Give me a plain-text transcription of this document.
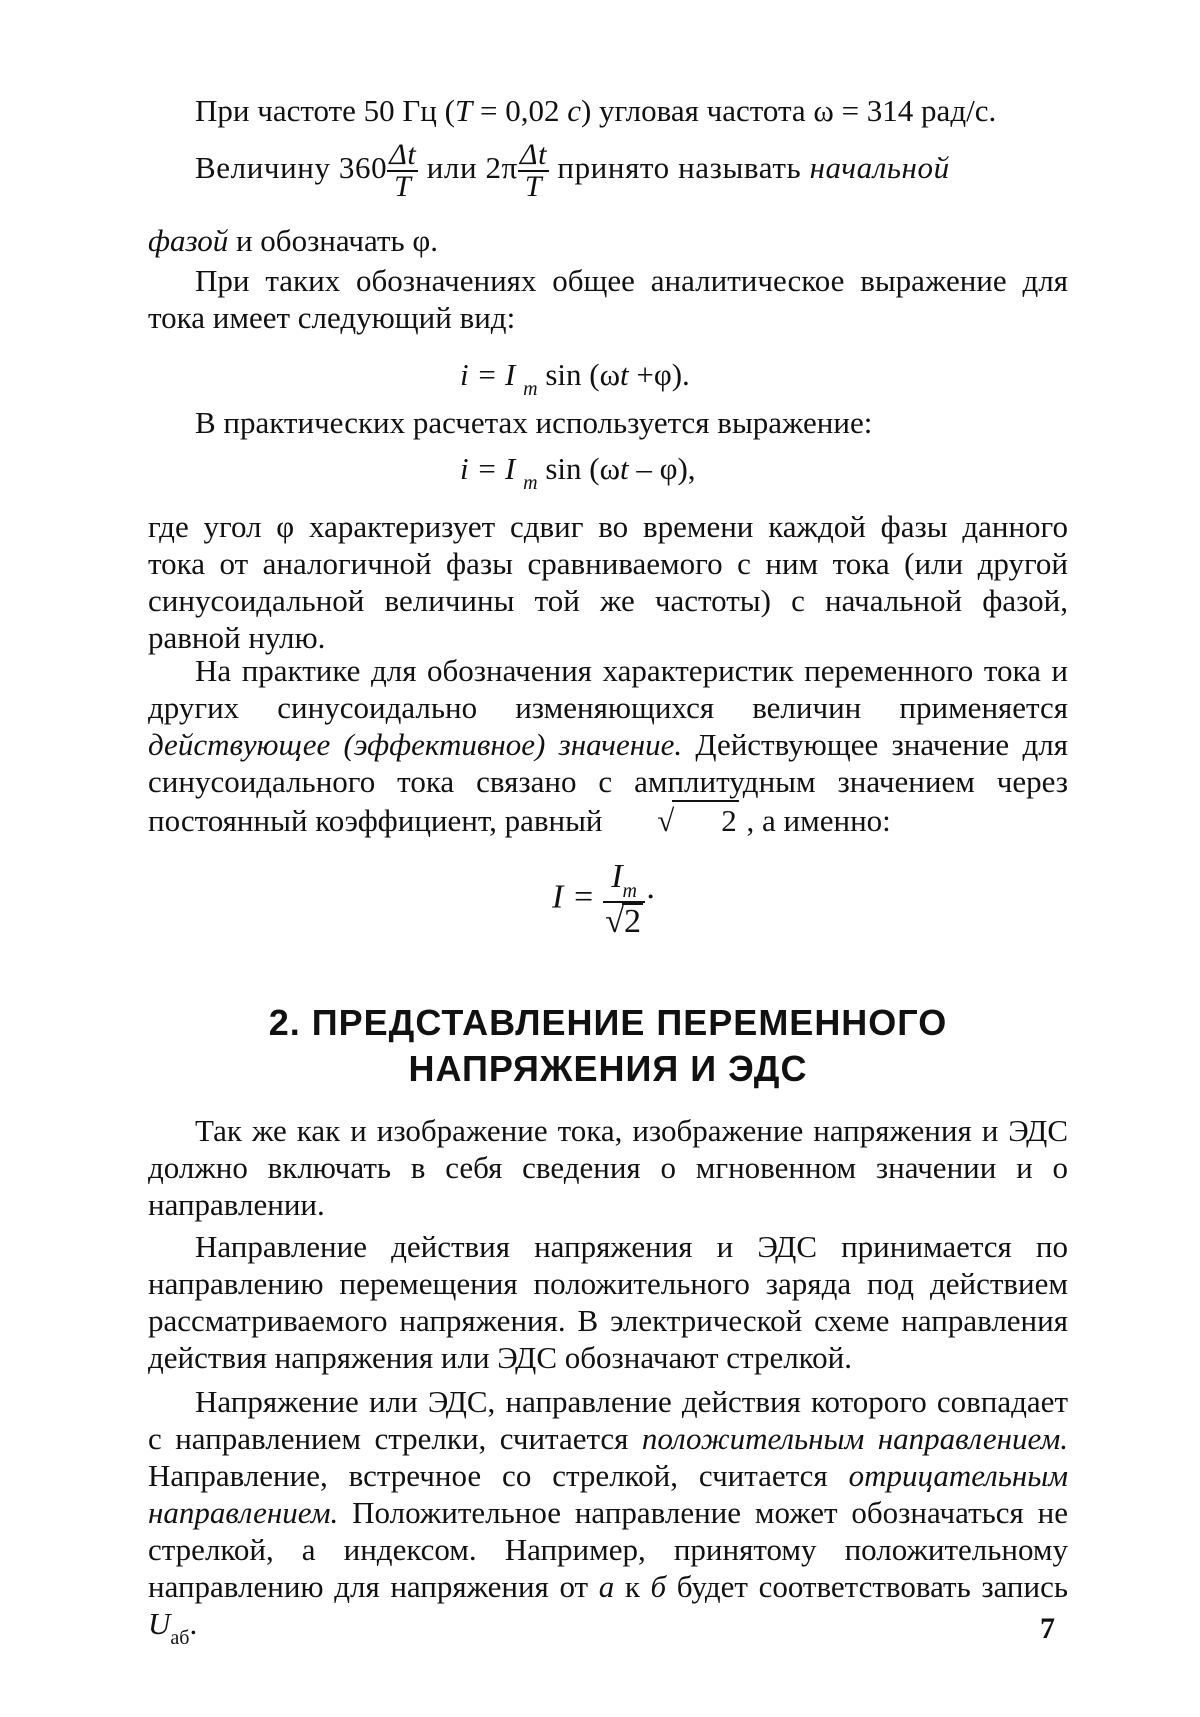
При частоте 50 Гц (T = 0,02 c) угловая частота ω = 314 рад/с.
Величину $360 \frac{\Delta t}{T}$ или $2\pi \frac{\Delta t}{T}$ принято называть начальной
фазой и обозначать φ.

При таких обозначениях общее аналитическое выражение для тока имеет следующий вид:

i = I $_m$ sin (ωt +φ).

В практических расчетах используется выражение:

i = I $_m$ sin (ωt – φ),

где угол φ характеризует сдвиг во времени каждой фазы данного тока от аналогичной фазы сравниваемого с ним тока (или другой синусоидальной величины той же частоты) с начальной фазой, равной нулю.

На практике для обозначения характеристик переменного тока и других синусоидально изменяющихся величин применяется действующее (эффективное) значение. Действующее значение для синусоидального тока связано с амплитудным значением через постоянный коэффициент, равный √ 2 , а именно:

$I = \frac{I_m}{√2}$ ·
2. ПРЕДСТАВЛЕНИЕ ПЕРЕМЕННОГО
НАПРЯЖЕНИЯ И ЭДС

Так же как и изображение тока, изображение напряжения и ЭДС должно включать в себя сведения о мгновенном значении и о направлении.

Направление действия напряжения и ЭДС принимается по направлению перемещения положительного заряда под действием рассматриваемого напряжения. В электрической схеме направления действия напряжения или ЭДС обозначают стрелкой.

Напряжение или ЭДС, направление действия которого совпадает с направлением стрелки, считается положительным направлением. Направление, встречное со стрелкой, считается отрицательным направлением. Положительное направление может обозначаться не стрелкой, а индексом. Например, принятому положительному направлению для напряжения от а к б будет соответствовать запись $U_{аб}$.	7
